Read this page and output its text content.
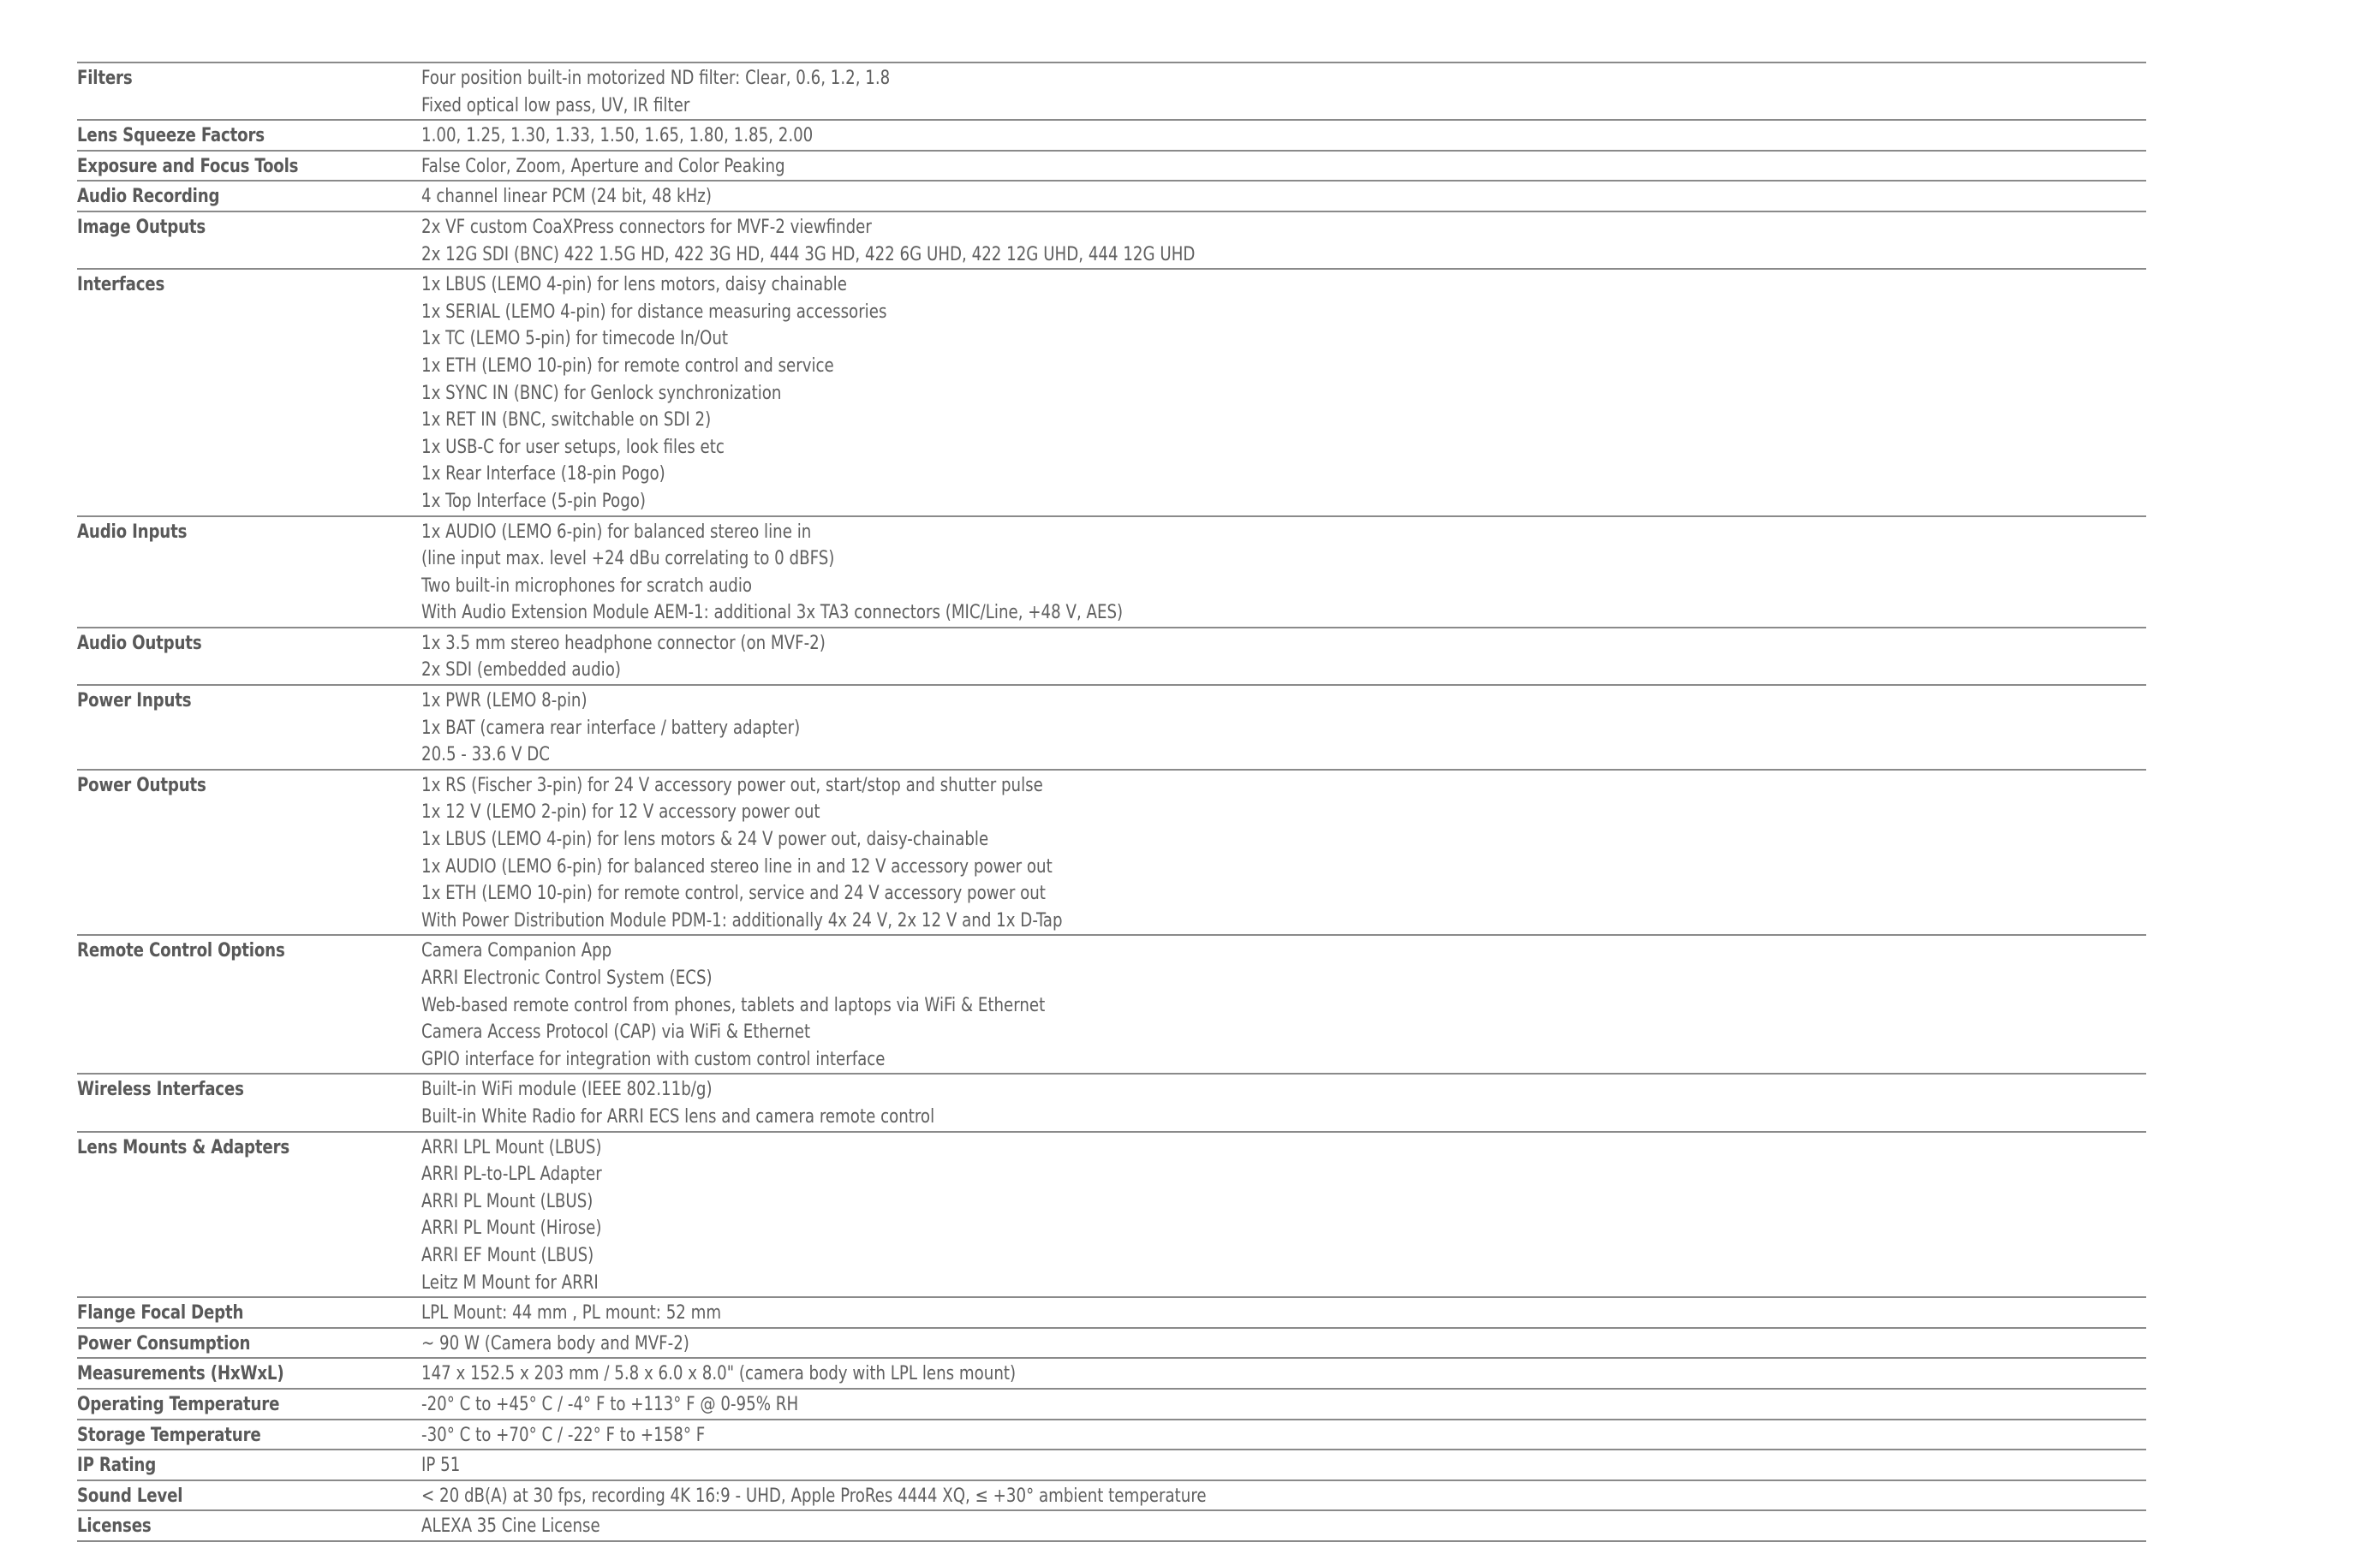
Filters	Four position built-in motorized ND filter: Clear, 0.6, 1.2, 1.8
Fixed optical low pass, UV, IR filter
Lens Squeeze Factors	1.00, 1.25, 1.30, 1.33, 1.50, 1.65, 1.80, 1.85, 2.00
Exposure and Focus Tools	False Color, Zoom, Aperture and Color Peaking
Audio Recording	4 channel linear PCM (24 bit, 48 kHz)
Image Outputs	2x VF custom CoaXPress connectors for MVF-2 viewfinder
2x 12G SDI (BNC) 422 1.5G HD, 422 3G HD, 444 3G HD, 422 6G UHD, 422 12G UHD, 444 12G UHD
Interfaces	1x LBUS (LEMO 4-pin) for lens motors, daisy chainable
1x SERIAL (LEMO 4-pin) for distance measuring accessories
1x TC (LEMO 5-pin) for timecode In/Out
1x ETH (LEMO 10-pin) for remote control and service
1x SYNC IN (BNC) for Genlock synchronization
1x RET IN (BNC, switchable on SDI 2)
1x USB-C for user setups, look files etc
1x Rear Interface (18-pin Pogo)
1x Top Interface (5-pin Pogo)
Audio Inputs	1x AUDIO (LEMO 6-pin) for balanced stereo line in
(line input max. level +24 dBu correlating to 0 dBFS)
Two built-in microphones for scratch audio
With Audio Extension Module AEM-1: additional 3x TA3 connectors (MIC/Line, +48 V, AES)
Audio Outputs	1x 3.5 mm stereo headphone connector (on MVF-2)
2x SDI (embedded audio)
Power Inputs	1x PWR (LEMO 8-pin)
1x BAT (camera rear interface / battery adapter)
20.5 - 33.6 V DC
Power Outputs	1x RS (Fischer 3-pin) for 24 V accessory power out, start/stop and shutter pulse
1x 12 V (LEMO 2-pin) for 12 V accessory power out
1x LBUS (LEMO 4-pin) for lens motors & 24 V power out, daisy-chainable
1x AUDIO (LEMO 6-pin) for balanced stereo line in and 12 V accessory power out
1x ETH (LEMO 10-pin) for remote control, service and 24 V accessory power out
With Power Distribution Module PDM-1: additionally 4x 24 V, 2x 12 V and 1x D-Tap
Remote Control Options	Camera Companion App
ARRI Electronic Control System (ECS)
Web-based remote control from phones, tablets and laptops via WiFi & Ethernet
Camera Access Protocol (CAP) via WiFi & Ethernet
GPIO interface for integration with custom control interface
Wireless Interfaces	Built-in WiFi module (IEEE 802.11b/g)
Built-in White Radio for ARRI ECS lens and camera remote control
Lens Mounts & Adapters	ARRI LPL Mount (LBUS)
ARRI PL-to-LPL Adapter
ARRI PL Mount (LBUS)
ARRI PL Mount (Hirose)
ARRI EF Mount (LBUS)
Leitz M Mount for ARRI
Flange Focal Depth	LPL Mount: 44 mm , PL mount: 52 mm
Power Consumption	~ 90 W (Camera body and MVF-2)
Measurements (HxWxL)	147 x 152.5 x 203 mm / 5.8 x 6.0 x 8.0" (camera body with LPL lens mount)
Operating Temperature	-20° C to +45° C / -4° F to +113° F @ 0-95% RH
Storage Temperature	-30° C to +70° C / -22° F to +158° F
IP Rating	IP 51
Sound Level	< 20 dB(A) at 30 fps, recording 4K 16:9 - UHD, Apple ProRes 4444 XQ, ≤ +30° ambient temperature
Licenses	ALEXA 35 Cine License
